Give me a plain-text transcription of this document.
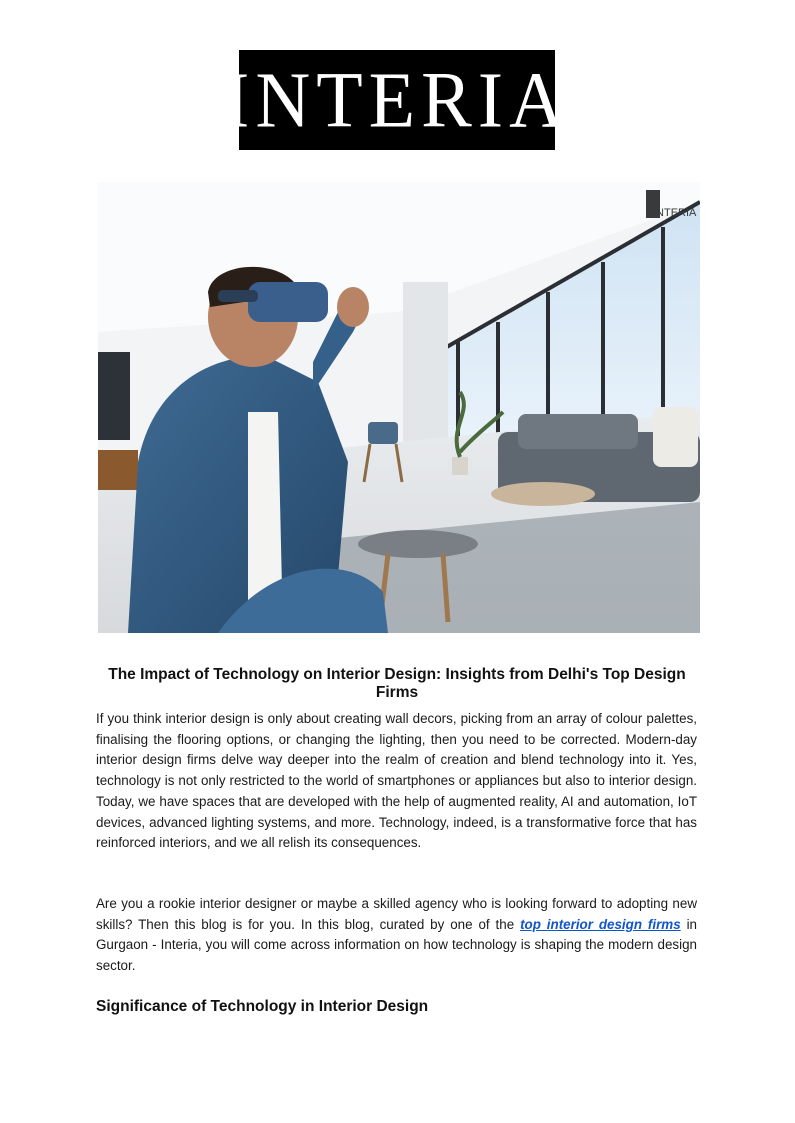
INTERIA
INTERIA
The Impact of Technology on Interior Design: Insights from Delhi's Top Design Firms
If you think interior design is only about creating wall decors, picking from an array of colour palettes, finalising the flooring options, or changing the lighting, then you need to be corrected. Modern-day interior design firms delve way deeper into the realm of creation and blend technology into it. Yes, technology is not only restricted to the world of smartphones or appliances but also to interior design. Today, we have spaces that are developed with the help of augmented reality, AI and automation, IoT devices, advanced lighting systems, and more. Technology, indeed, is a transformative force that has reinforced interiors, and we all relish its consequences.
Are you a rookie interior designer or maybe a skilled agency who is looking forward to adopting new skills? Then this blog is for you. In this blog, curated by one of the top interior design firms in Gurgaon - Interia, you will come across information on how technology is shaping the modern design sector.
Significance of Technology in Interior Design
